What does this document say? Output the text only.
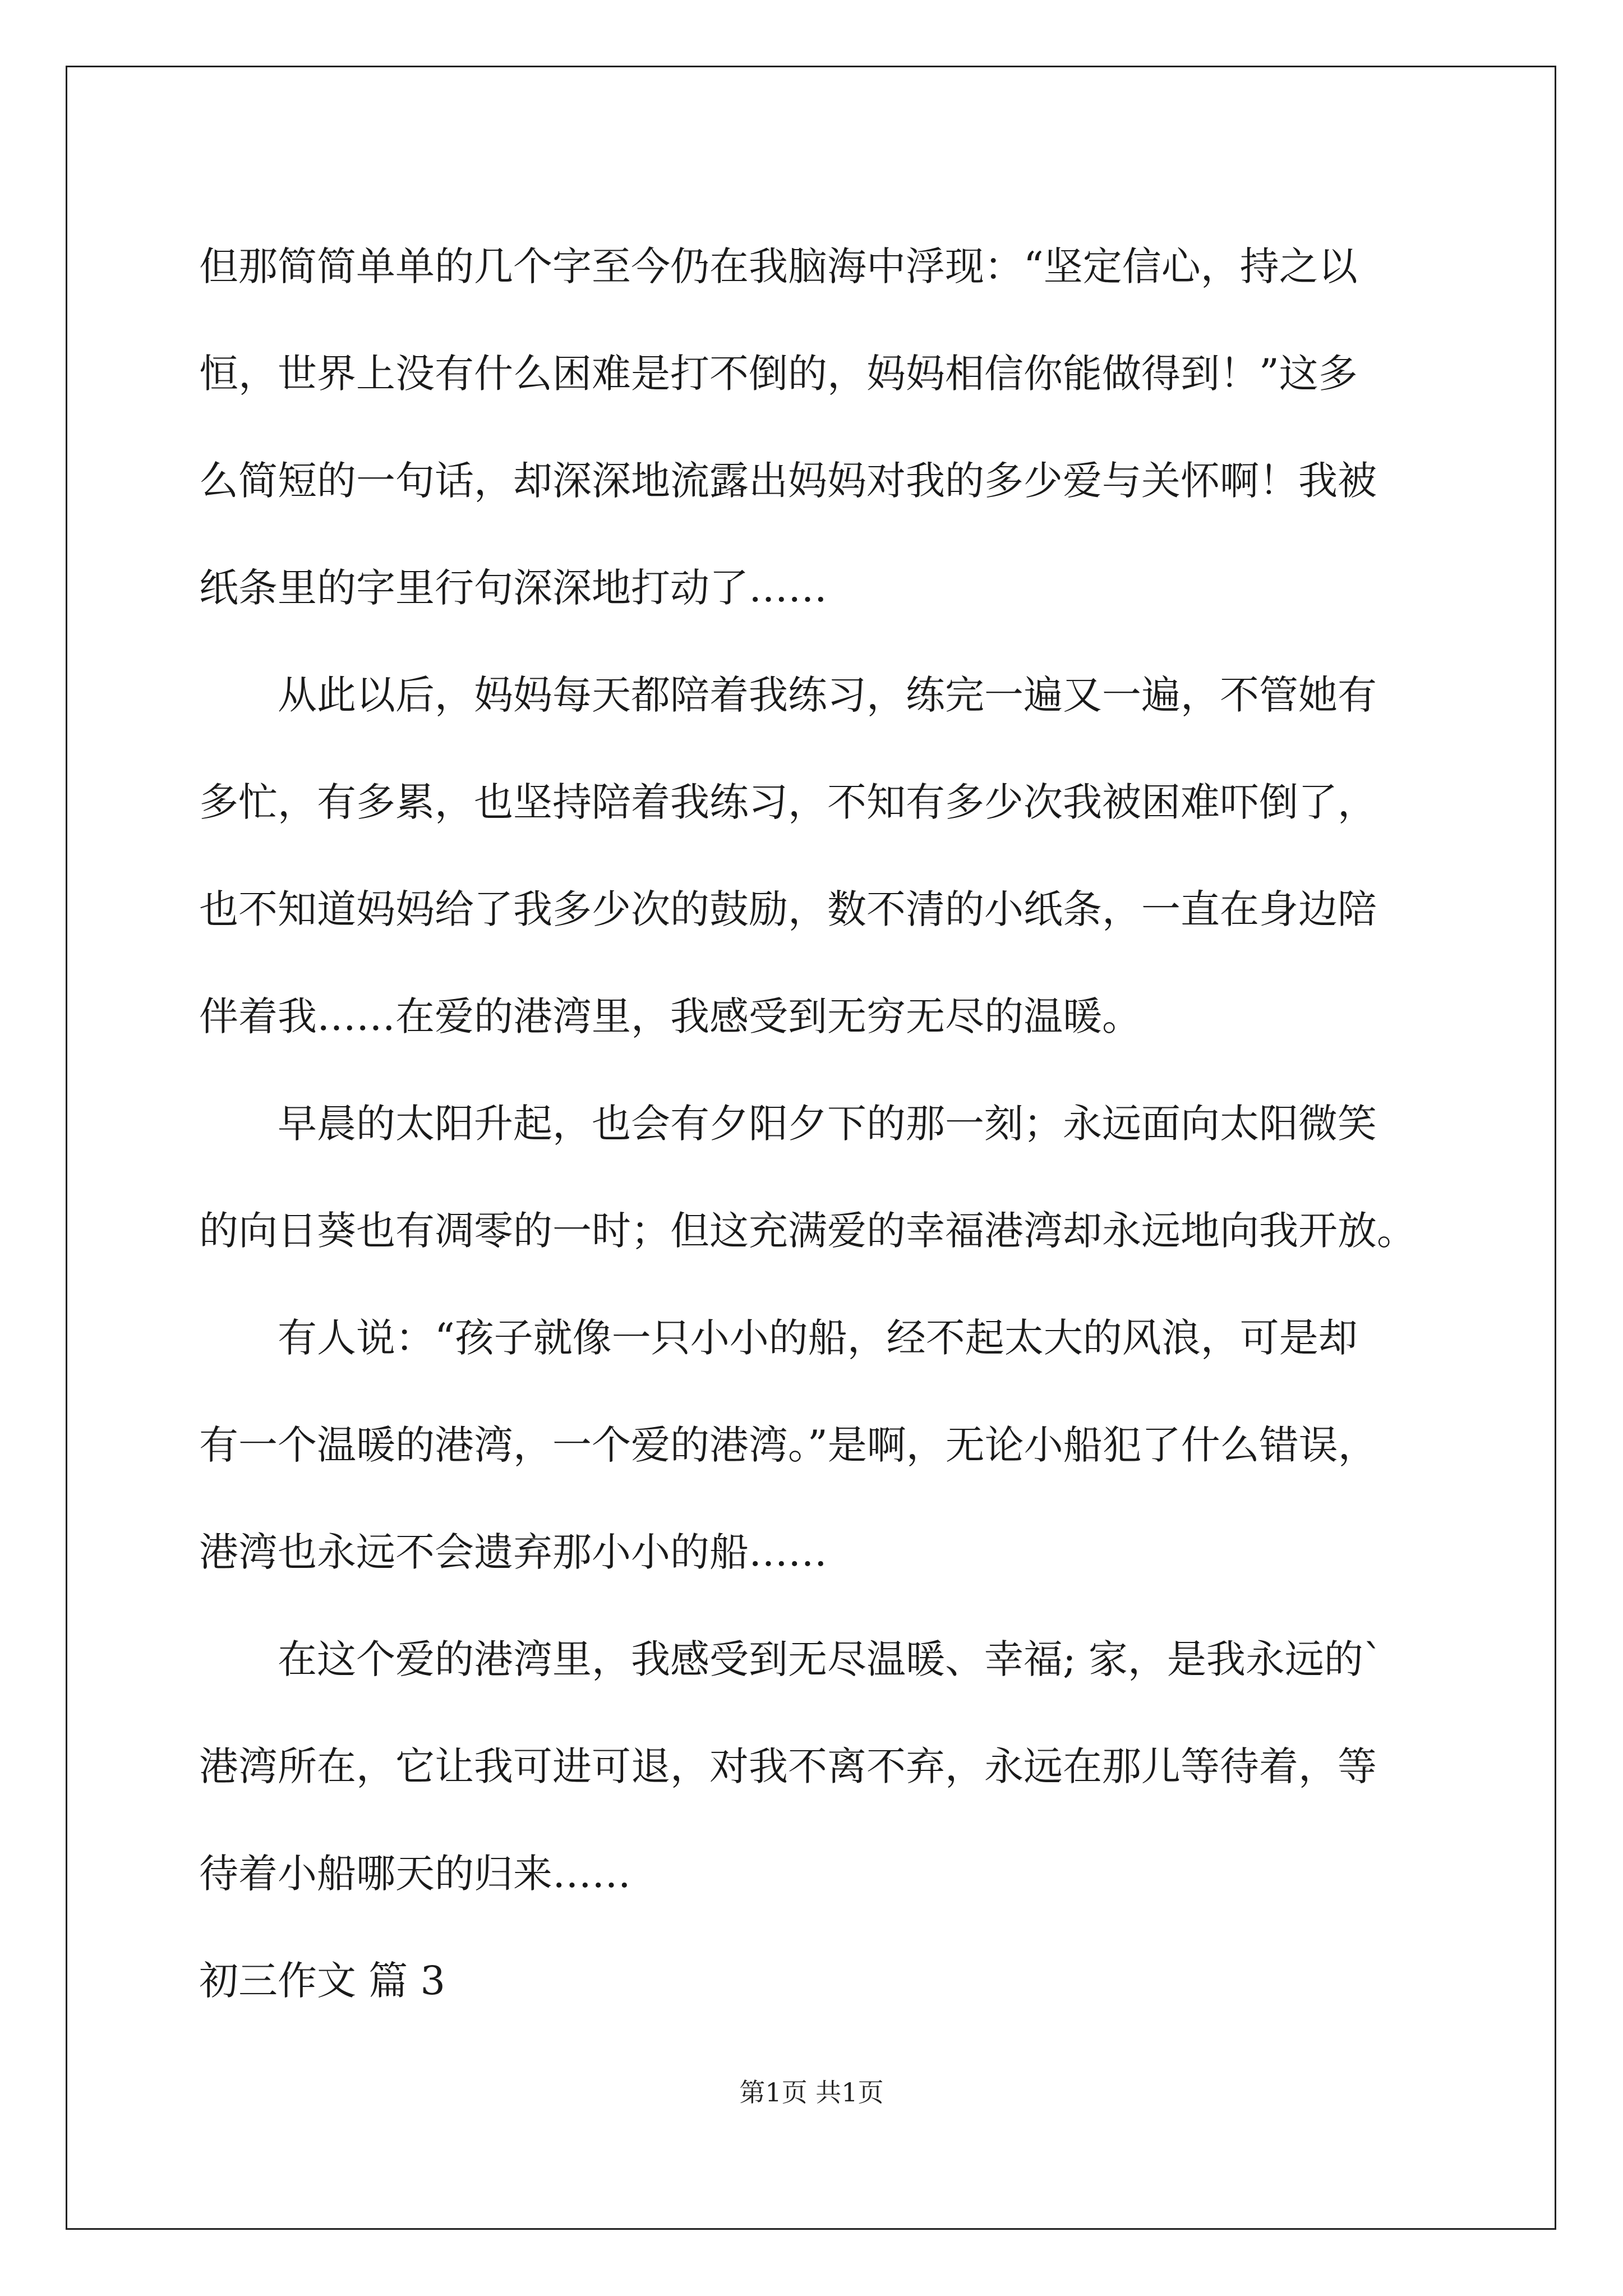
但那简简单单的几个字至今仍在我脑海中浮现：“坚定信心，持之以

恒，世界上没有什么困难是打不倒的，妈妈相信你能做得到！”这多

么简短的一句话，却深深地流露出妈妈对我的多少爱与关怀啊！我被

纸条里的字里行句深深地打动了……

从此以后，妈妈每天都陪着我练习，练完一遍又一遍，不管她有

多忙，有多累，也坚持陪着我练习，不知有多少次我被困难吓倒了，

也不知道妈妈给了我多少次的鼓励，数不清的小纸条，一直在身边陪

伴着我……在爱的港湾里，我感受到无穷无尽的温暖。

早晨的太阳升起，也会有夕阳夕下的那一刻；永远面向太阳微笑

的向日葵也有凋零的一时；但这充满爱的幸福港湾却永远地向我开放。

有人说：“孩子就像一只小小的船，经不起太大的风浪，可是却

有一个温暖的港湾，一个爱的港湾。”是啊，无论小船犯了什么错误，

港湾也永远不会遗弃那小小的船……

在这个爱的港湾里，我感受到无尽温暖、幸福; 家，是我永远的`

港湾所在，它让我可进可退，对我不离不弃，永远在那儿等待着，等

待着小船哪天的归来……

初三作文 篇 3

第1页 共1页
